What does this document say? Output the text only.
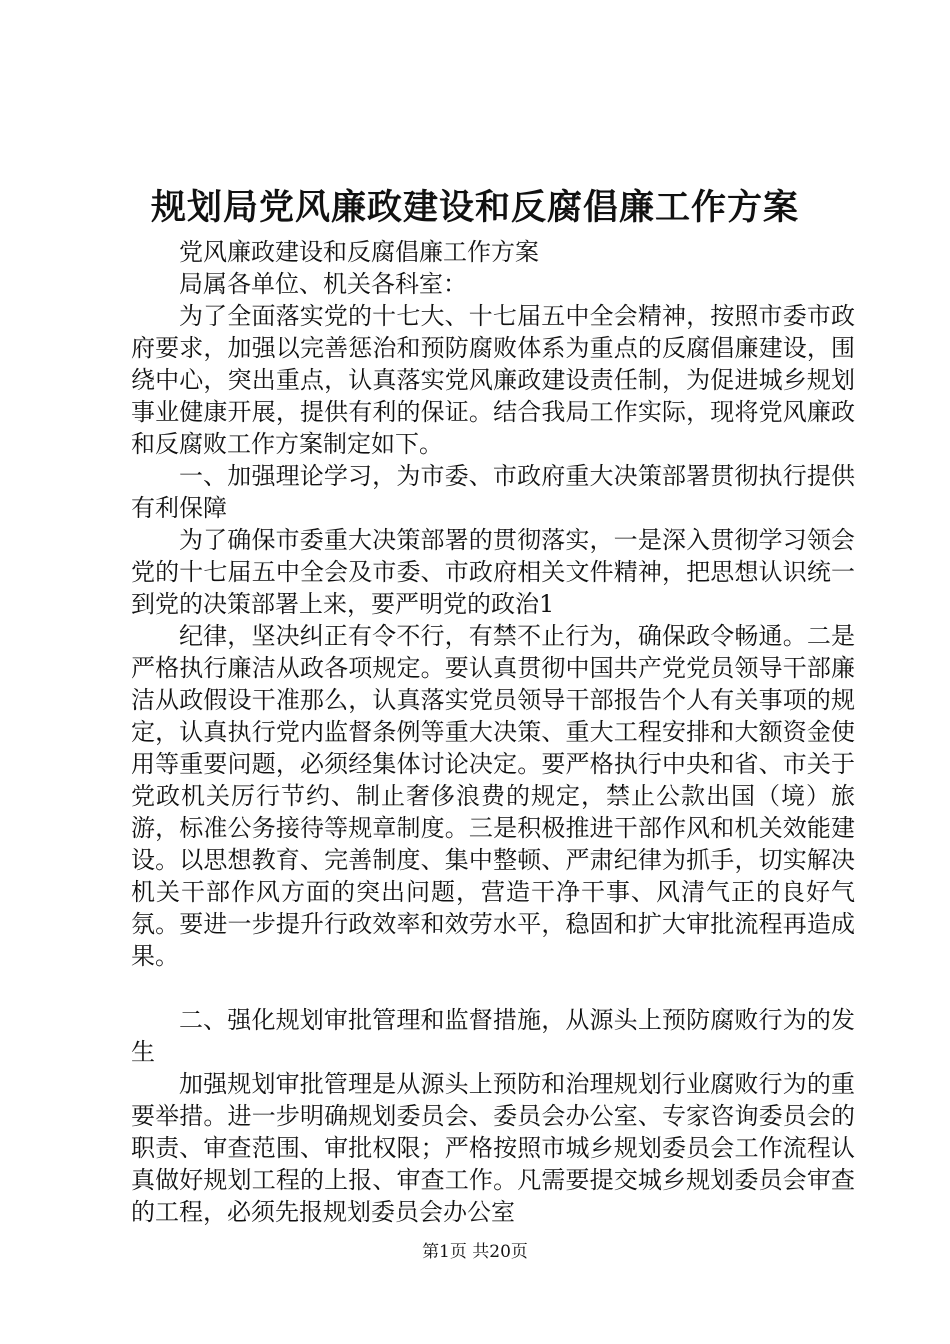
规划局党风廉政建设和反腐倡廉工作方案

党风廉政建设和反腐倡廉工作方案

局属各单位、机关各科室：

为了全面落实党的十七大、十七届五中全会精神，按照市委市政府要求，加强以完善惩治和预防腐败体系为重点的反腐倡廉建设，围绕中心，突出重点，认真落实党风廉政建设责任制，为促进城乡规划事业健康开展，提供有利的保证。结合我局工作实际，现将党风廉政和反腐败工作方案制定如下。

一、加强理论学习，为市委、市政府重大决策部署贯彻执行提供有利保障

为了确保市委重大决策部署的贯彻落实，一是深入贯彻学习领会党的十七届五中全会及市委、市政府相关文件精神，把思想认识统一到党的决策部署上来，要严明党的政治1

纪律，坚决纠正有令不行，有禁不止行为，确保政令畅通。二是严格执行廉洁从政各项规定。要认真贯彻中国共产党党员领导干部廉洁从政假设干准那么，认真落实党员领导干部报告个人有关事项的规定，认真执行党内监督条例等重大决策、重大工程安排和大额资金使用等重要问题，必须经集体讨论决定。要严格执行中央和省、市关于党政机关厉行节约、制止奢侈浪费的规定，禁止公款出国（境）旅游，标准公务接待等规章制度。三是积极推进干部作风和机关效能建设。以思想教育、完善制度、集中整顿、严肃纪律为抓手，切实解决机关干部作风方面的突出问题，营造干净干事、风清气正的良好气氛。要进一步提升行政效率和效劳水平，稳固和扩大审批流程再造成果。

二、强化规划审批管理和监督措施，从源头上预防腐败行为的发生

加强规划审批管理是从源头上预防和治理规划行业腐败行为的重要举措。进一步明确规划委员会、委员会办公室、专家咨询委员会的职责、审查范围、审批权限；严格按照市城乡规划委员会工作流程认真做好规划工程的上报、审查工作。凡需要提交城乡规划委员会审查的工程，必须先报规划委员会办公室

第1页 共20页
